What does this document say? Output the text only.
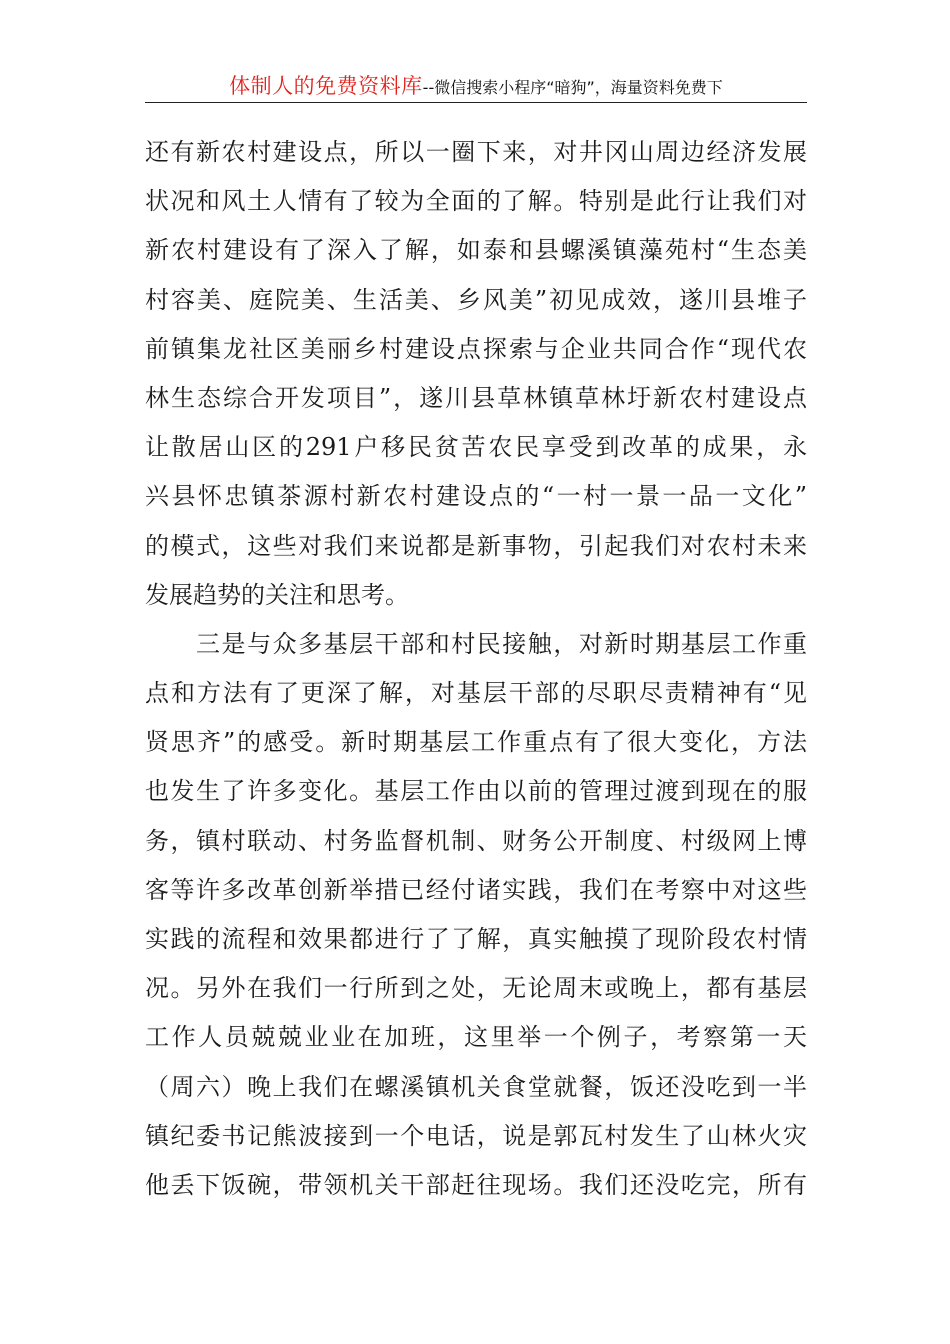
体制人的免费资料库--微信搜索小程序“暗狗”，海量资料免费下
还有新农村建设点，所以一圈下来，对井冈山周边经济发展
状况和风土人情有了较为全面的了解。特别是此行让我们对
新农村建设有了深入了解，如泰和县螺溪镇藻苑村“生态美
村容美、庭院美、生活美、乡风美”初见成效，遂川县堆子
前镇集龙社区美丽乡村建设点探索与企业共同合作“现代农
林生态综合开发项目”，遂川县草林镇草林圩新农村建设点
让散居山区的291户移民贫苦农民享受到改革的成果，永
兴县怀忠镇茶源村新农村建设点的“一村一景一品一文化”
的模式，这些对我们来说都是新事物，引起我们对农村未来
发展趋势的关注和思考。
　　三是与众多基层干部和村民接触，对新时期基层工作重
点和方法有了更深了解，对基层干部的尽职尽责精神有“见
贤思齐”的感受。新时期基层工作重点有了很大变化，方法
也发生了许多变化。基层工作由以前的管理过渡到现在的服
务，镇村联动、村务监督机制、财务公开制度、村级网上博
客等许多改革创新举措已经付诸实践，我们在考察中对这些
实践的流程和效果都进行了了解，真实触摸了现阶段农村情
况。另外在我们一行所到之处，无论周末或晚上，都有基层
工作人员兢兢业业在加班，这里举一个例子，考察第一天
（周六）晚上我们在螺溪镇机关食堂就餐，饭还没吃到一半
镇纪委书记熊波接到一个电话，说是郭瓦村发生了山林火灾
他丢下饭碗，带领机关干部赶往现场。我们还没吃完，所有
